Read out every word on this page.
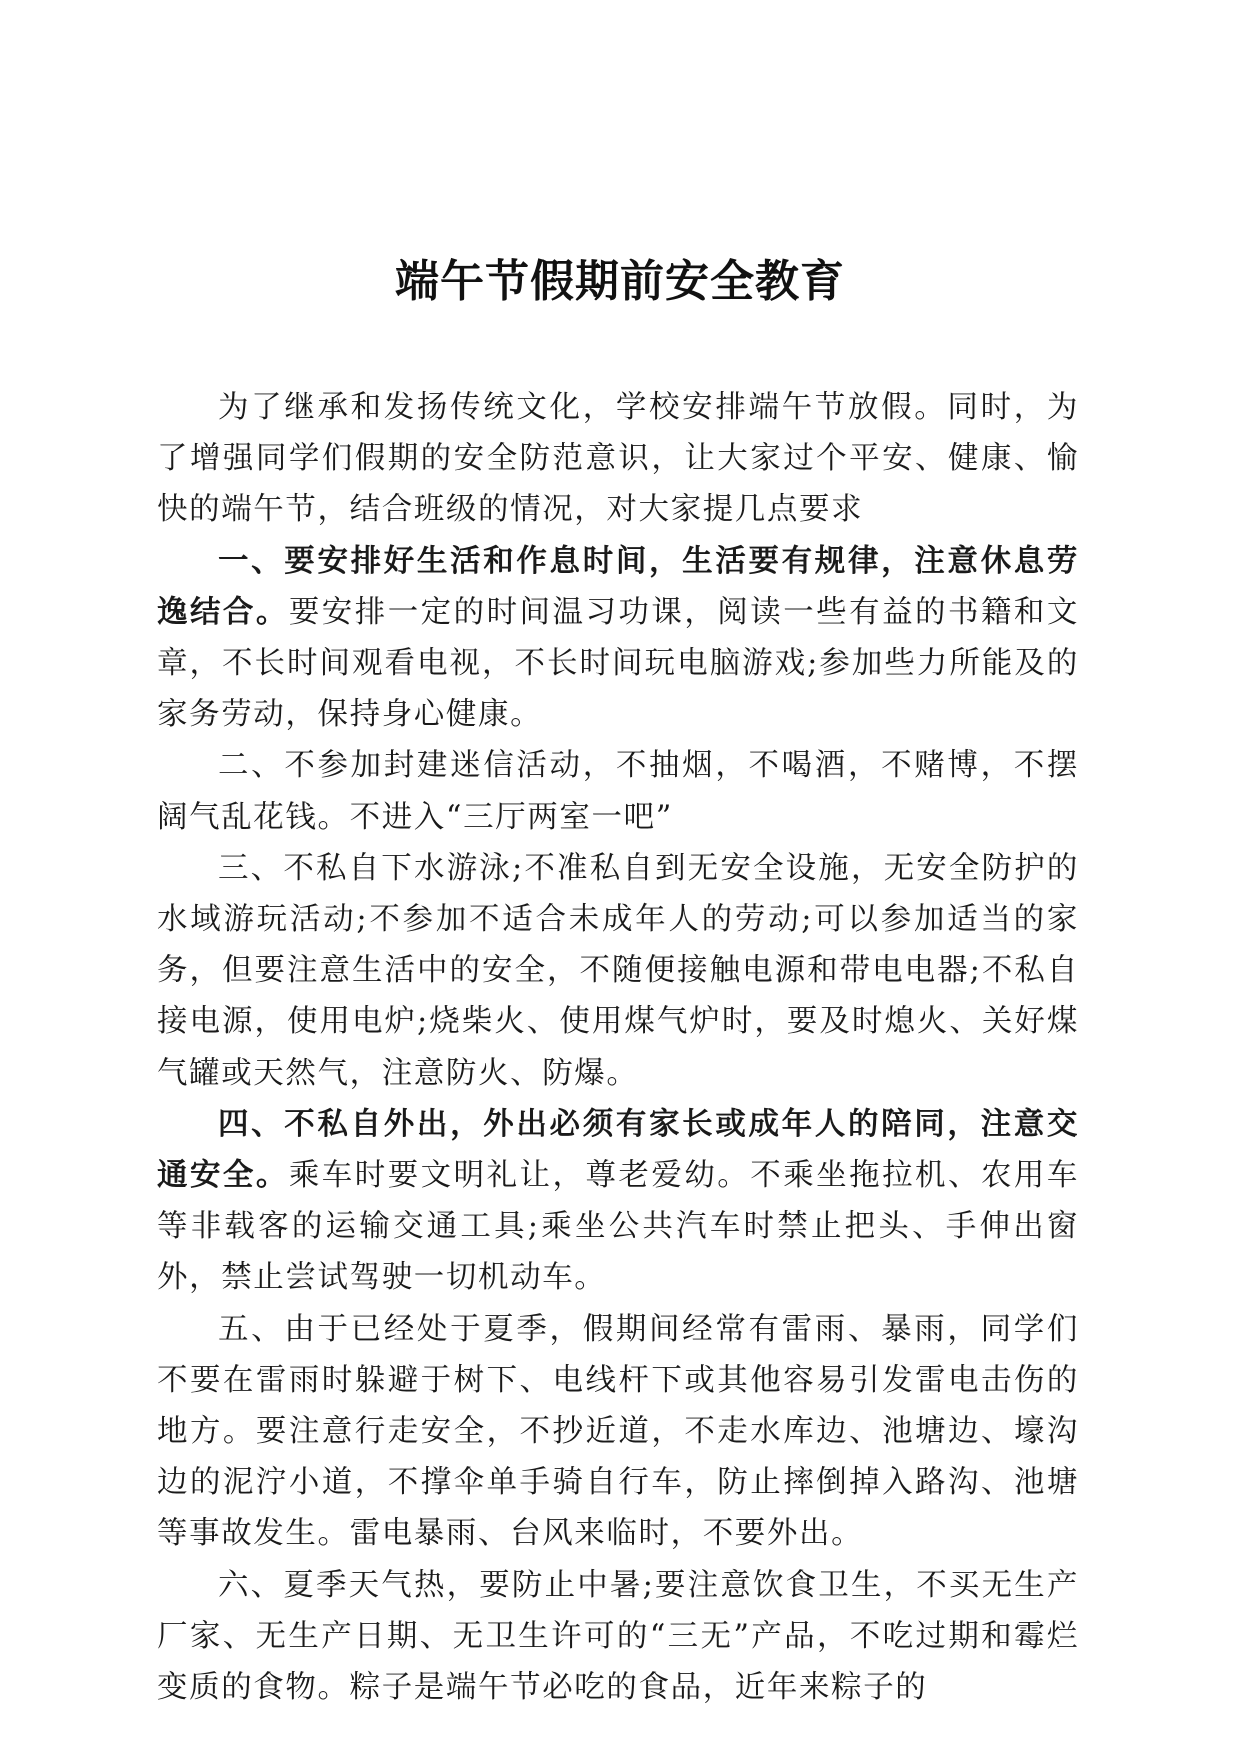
端午节假期前安全教育

为了继承和发扬传统文化，学校安排端午节放假。同时，为了增强同学们假期的安全防范意识，让大家过个平安、健康、愉快的端午节，结合班级的情况，对大家提几点要求

一、要安排好生活和作息时间，生活要有规律，注意休息劳逸结合。要安排一定的时间温习功课，阅读一些有益的书籍和文章，不长时间观看电视，不长时间玩电脑游戏;参加些力所能及的家务劳动，保持身心健康。

二、不参加封建迷信活动，不抽烟，不喝酒，不赌博，不摆阔气乱花钱。不进入“三厅两室一吧”

三、不私自下水游泳;不准私自到无安全设施，无安全防护的水域游玩活动;不参加不适合未成年人的劳动;可以参加适当的家务，但要注意生活中的安全，不随便接触电源和带电电器;不私自接电源，使用电炉;烧柴火、使用煤气炉时，要及时熄火、关好煤气罐或天然气，注意防火、防爆。

四、不私自外出，外出必须有家长或成年人的陪同，注意交通安全。乘车时要文明礼让，尊老爱幼。不乘坐拖拉机、农用车等非载客的运输交通工具;乘坐公共汽车时禁止把头、手伸出窗外，禁止尝试驾驶一切机动车。

五、由于已经处于夏季，假期间经常有雷雨、暴雨，同学们不要在雷雨时躲避于树下、电线杆下或其他容易引发雷电击伤的地方。要注意行走安全，不抄近道，不走水库边、池塘边、壕沟边的泥泞小道，不撑伞单手骑自行车，防止摔倒掉入路沟、池塘等事故发生。雷电暴雨、台风来临时，不要外出。

六、夏季天气热，要防止中暑;要注意饮食卫生，不买无生产厂家、无生产日期、无卫生许可的“三无”产品，不吃过期和霉烂变质的食物。粽子是端午节必吃的食品，近年来粽子的
